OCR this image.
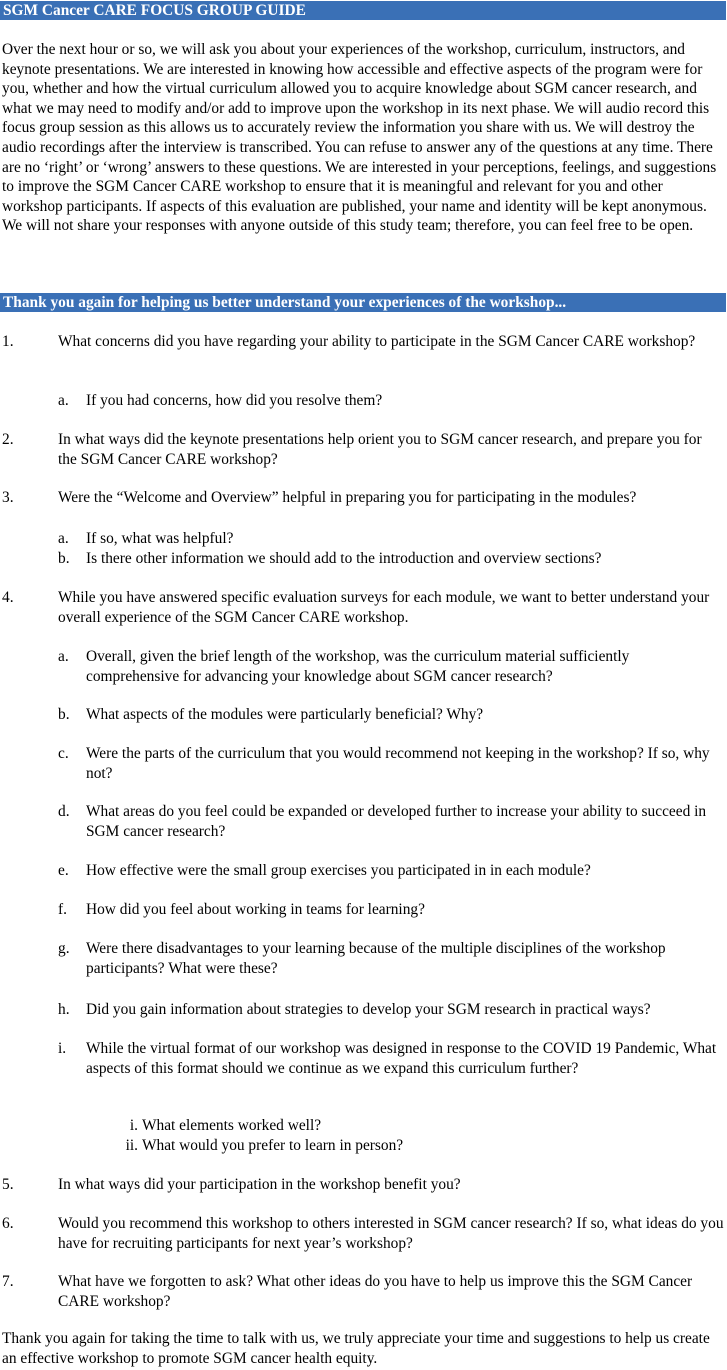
SGM Cancer CARE FOCUS GROUP GUIDE

Over the next hour or so, we will ask you about your experiences of the workshop, curriculum, instructors, and keynote presentations. We are interested in knowing how accessible and effective aspects of the program were for you, whether and how the virtual curriculum allowed you to acquire knowledge about SGM cancer research, and what we may need to modify and/or add to improve upon the workshop in its next phase. We will audio record this focus group session as this allows us to accurately review the information you share with us. We will destroy the audio recordings after the interview is transcribed. You can refuse to answer any of the questions at any time. There are no ‘right’ or ‘wrong’ answers to these questions. We are interested in your perceptions, feelings, and suggestions to improve the SGM Cancer CARE workshop to ensure that it is meaningful and relevant for you and other workshop participants. If aspects of this evaluation are published, your name and identity will be kept anonymous. We will not share your responses with anyone outside of this study team; therefore, you can feel free to be open.

Thank you again for helping us better understand your experiences of the workshop...
1.	What concerns did you have regarding your ability to participate in the SGM Cancer CARE workshop?
a. If you had concerns, how did you resolve them?
2.	In what ways did the keynote presentations help orient you to SGM cancer research, and prepare you for the SGM Cancer CARE workshop?
3.	Were the “Welcome and Overview” helpful in preparing you for participating in the modules?
a. If so, what was helpful?
b. Is there other information we should add to the introduction and overview sections?
4.	While you have answered specific evaluation surveys for each module, we want to better understand your overall experience of the SGM Cancer CARE workshop.
a. Overall, given the brief length of the workshop, was the curriculum material sufficiently comprehensive for advancing your knowledge about SGM cancer research?
b. What aspects of the modules were particularly beneficial? Why?
c. Were the parts of the curriculum that you would recommend not keeping in the workshop? If so, why not?
d. What areas do you feel could be expanded or developed further to increase your ability to succeed in SGM cancer research?
e. How effective were the small group exercises you participated in in each module?
f. How did you feel about working in teams for learning?
g. Were there disadvantages to your learning because of the multiple disciplines of the workshop participants? What were these?
h. Did you gain information about strategies to develop your SGM research in practical ways?
i. While the virtual format of our workshop was designed in response to the COVID 19 Pandemic, What aspects of this format should we continue as we expand this curriculum further?
i. What elements worked well?
ii. What would you prefer to learn in person?
5.	In what ways did your participation in the workshop benefit you?
6.	Would you recommend this workshop to others interested in SGM cancer research? If so, what ideas do you have for recruiting participants for next year’s workshop?
7.	What have we forgotten to ask? What other ideas do you have to help us improve this the SGM Cancer CARE workshop?

Thank you again for taking the time to talk with us, we truly appreciate your time and suggestions to help us create an effective workshop to promote SGM cancer health equity.
